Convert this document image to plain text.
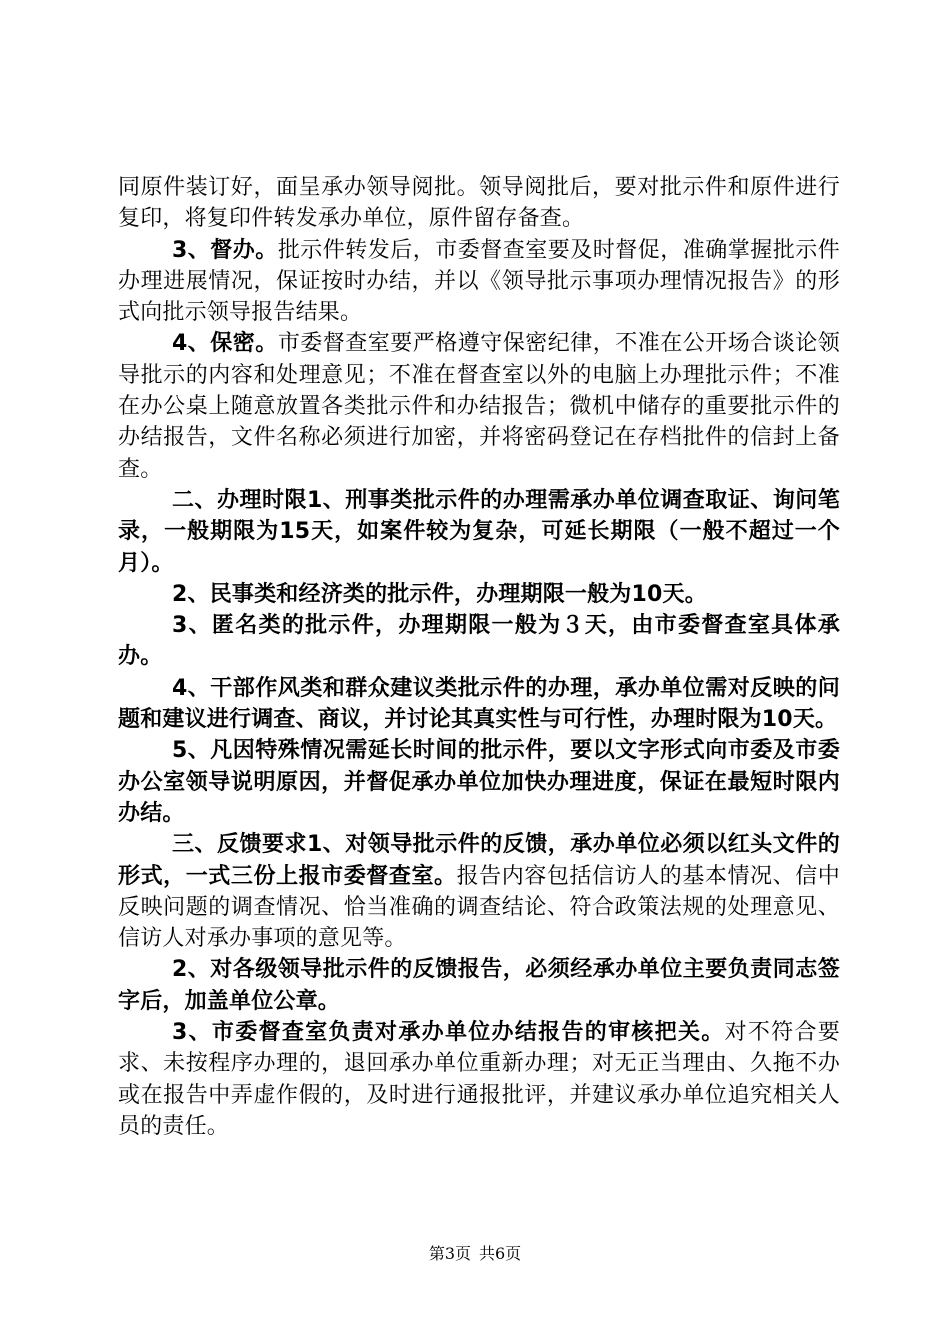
同原件装订好，面呈承办领导阅批。领导阅批后，要对批示件和原件进行复印，将复印件转发承办单位，原件留存备查。

3、督办。批示件转发后，市委督查室要及时督促，准确掌握批示件办理进展情况，保证按时办结，并以《领导批示事项办理情况报告》的形式向批示领导报告结果。

4、保密。市委督查室要严格遵守保密纪律，不准在公开场合谈论领导批示的内容和处理意见；不准在督查室以外的电脑上办理批示件；不准在办公桌上随意放置各类批示件和办结报告；微机中储存的重要批示件的办结报告，文件名称必须进行加密，并将密码登记在存档批件的信封上备查。

二、办理时限1、刑事类批示件的办理需承办单位调查取证、询问笔录，一般期限为15天，如案件较为复杂，可延长期限（一般不超过一个月）。

2、民事类和经济类的批示件，办理期限一般为10天。

3、匿名类的批示件，办理期限一般为３天，由市委督查室具体承办。

4、干部作风类和群众建议类批示件的办理，承办单位需对反映的问题和建议进行调查、商议，并讨论其真实性与可行性，办理时限为10天。

5、凡因特殊情况需延长时间的批示件，要以文字形式向市委及市委办公室领导说明原因，并督促承办单位加快办理进度，保证在最短时限内办结。

三、反馈要求1、对领导批示件的反馈，承办单位必须以红头文件的形式，一式三份上报市委督查室。报告内容包括信访人的基本情况、信中反映问题的调查情况、恰当准确的调查结论、符合政策法规的处理意见、信访人对承办事项的意见等。

2、对各级领导批示件的反馈报告，必须经承办单位主要负责同志签字后，加盖单位公章。

3、市委督查室负责对承办单位办结报告的审核把关。对不符合要求、未按程序办理的，退回承办单位重新办理；对无正当理由、久拖不办或在报告中弄虚作假的，及时进行通报批评，并建议承办单位追究相关人员的责任。

第3页 共6页
